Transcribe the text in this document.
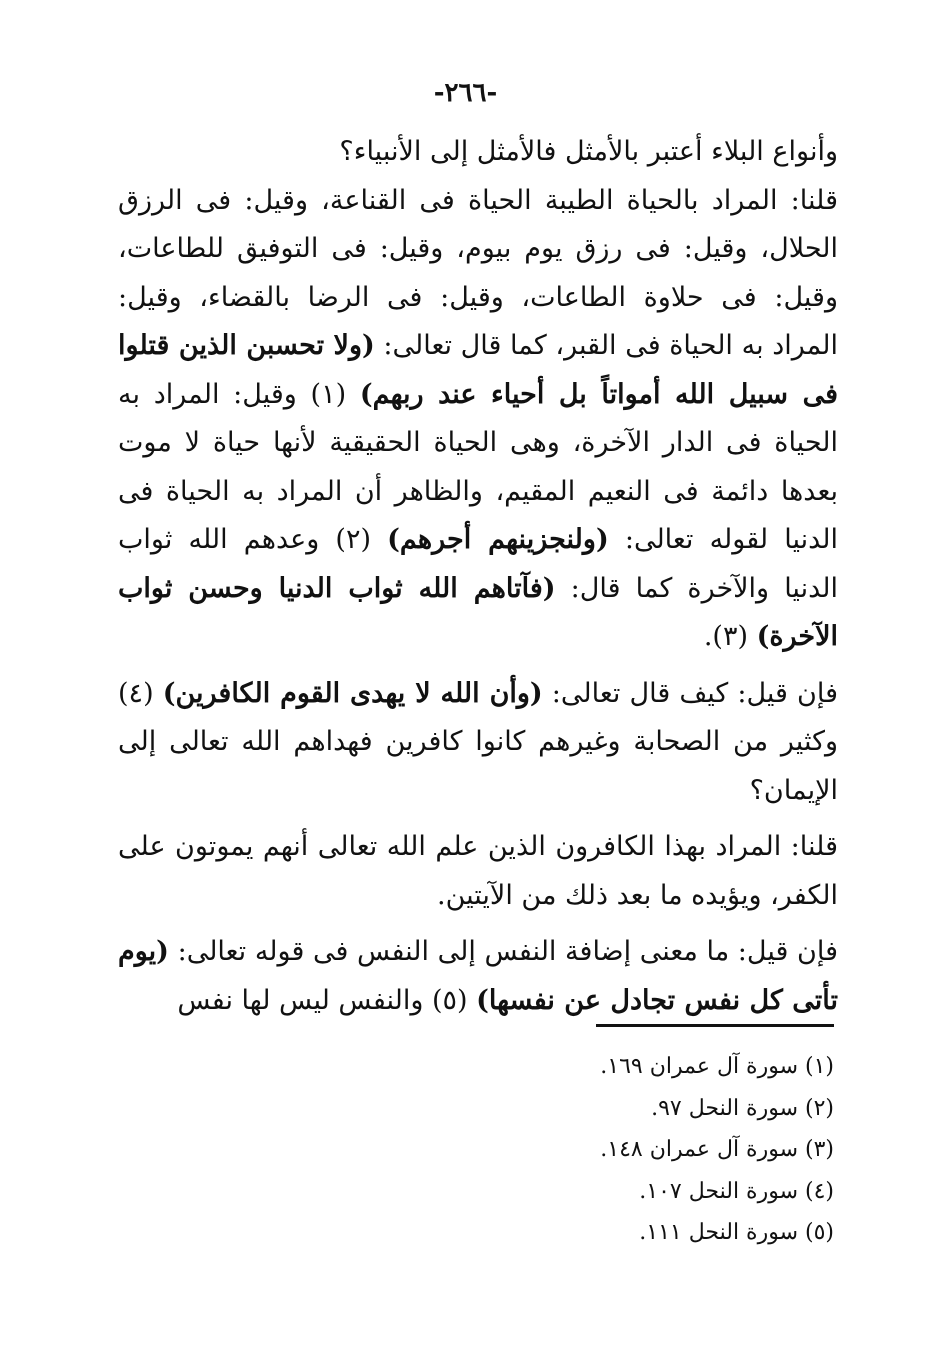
-٢٦٦-

وأنواع البلاء أعتبر بالأمثل فالأمثل إلى الأنبياء؟

قلنا: المراد بالحياة الطيبة الحياة فى القناعة، وقيل: فى الرزق الحلال، وقيل: فى رزق يوم بيوم، وقيل: فى التوفيق للطاعات، وقيل: فى حلاوة الطاعات، وقيل: فى الرضا بالقضاء، وقيل: المراد به الحياة فى القبر، كما قال تعالى: (ولا تحسبن الذين قتلوا فى سبيل الله أمواتاً بل أحياء عند ربهم) (١) وقيل: المراد به الحياة فى الدار الآخرة، وهى الحياة الحقيقية لأنها حياة لا موت بعدها دائمة فى النعيم المقيم، والظاهر أن المراد به الحياة فى الدنيا لقوله تعالى: (ولنجزينهم أجرهم) (٢) وعدهم الله ثواب الدنيا والآخرة كما قال: (فآتاهم الله ثواب الدنيا وحسن ثواب الآخرة) (٣).

فإن قيل: كيف قال تعالى: (وأن الله لا يهدى القوم الكافرين) (٤) وكثير من الصحابة وغيرهم كانوا كافرين فهداهم الله تعالى إلى الإيمان؟

قلنا: المراد بهذا الكافرون الذين علم الله تعالى أنهم يموتون على الكفر، ويؤيده ما بعد ذلك من الآيتين.

فإن قيل: ما معنى إضافة النفس إلى النفس فى قوله تعالى: (يوم تأتى كل نفس تجادل عن نفسها) (٥) والنفس ليس لها نفس

(١) سورة آل عمران ١٦٩.
(٢) سورة النحل ٩٧.
(٣) سورة آل عمران ١٤٨.
(٤) سورة النحل ١٠٧.
(٥) سورة النحل ١١١.
